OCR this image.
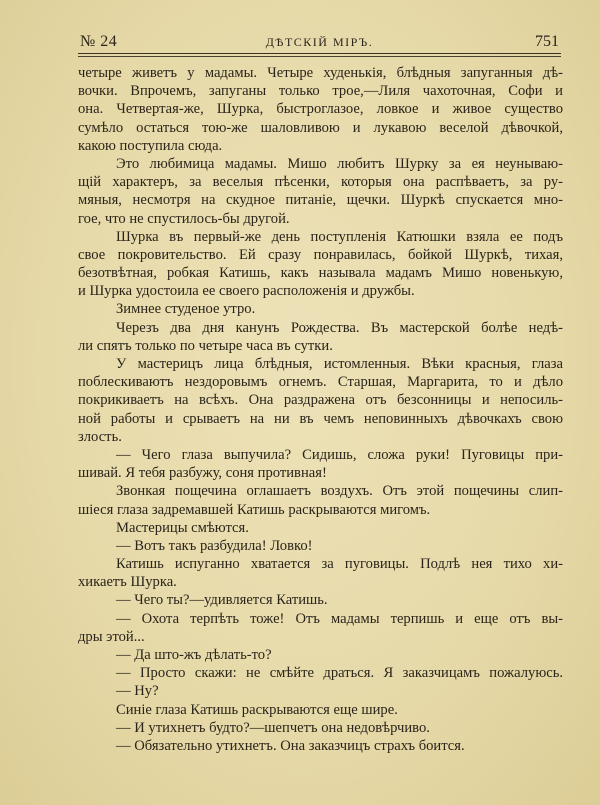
№ 24	ДѢТСКІЙ МІРЪ.	751
четыре живетъ у мадамы. Четыре худенькія, блѣдныя запуганныя дѣ-
вочки. Впрочемъ, запуганы только трое,—Лиля чахоточная, Софи и
она. Четвертая-же, Шурка, быстроглазое, ловкое и живое существо
сумѣло остаться тою-же шаловливою и лукавою веселой дѣвочкой,
какою поступила сюда.
Это любимица мадамы. Мишо любитъ Шурку за ея неунываю-
щій характеръ, за веселыя пѣсенки, которыя она распѣваетъ, за ру-
мяныя, несмотря на скудное питаніе, щечки. Шуркѣ спускается мно-
гое, что не спустилось-бы другой.
Шурка въ первый-же день поступленія Катюшки взяла ее подъ
свое покровительство. Ей сразу понравилась, бойкой Шуркѣ, тихая,
безотвѣтная, робкая Катишь, какъ называла мадамъ Мишо новенькую,
и Шурка удостоила ее своего расположенія и дружбы.
Зимнее студеное утро.
Черезъ два дня канунъ Рождества. Въ мастерской болѣе недѣ-
ли спятъ только по четыре часа въ сутки.
У мастерицъ лица блѣдныя, истомленныя. Вѣки красныя, глаза
поблескиваютъ нездоровымъ огнемъ. Старшая, Маргарита, то и дѣло
покрикиваетъ на всѣхъ. Она раздражена отъ безсонницы и непосиль-
ной работы и срываетъ на ни въ чемъ неповинныхъ дѣвочкахъ свою
злость.
— Чего глаза выпучила? Сидишь, сложа руки! Пуговицы при-
шивай. Я тебя разбужу, соня противная!
Звонкая пощечина оглашаетъ воздухъ. Отъ этой пощечины слип-
шіеся глаза задремавшей Катишь раскрываются мигомъ.
Мастерицы смѣются.
— Вотъ такъ разбудила! Ловко!
Катишь испуганно хватается за пуговицы. Подлѣ нея тихо хи-
хикаетъ Шурка.
— Чего ты?—удивляется Катишь.
— Охота терпѣть тоже! Отъ мадамы терпишь и еще отъ вы-
дры этой...
— Да што-жъ дѣлать-то?
— Просто скажи: не смѣйте драться. Я заказчицамъ пожалуюсь.
— Ну?
Синіе глаза Катишь раскрываются еще шире.
— И утихнетъ будто?—шепчетъ она недовѣрчиво.
— Обязательно утихнетъ. Она заказчицъ страхъ боится.
